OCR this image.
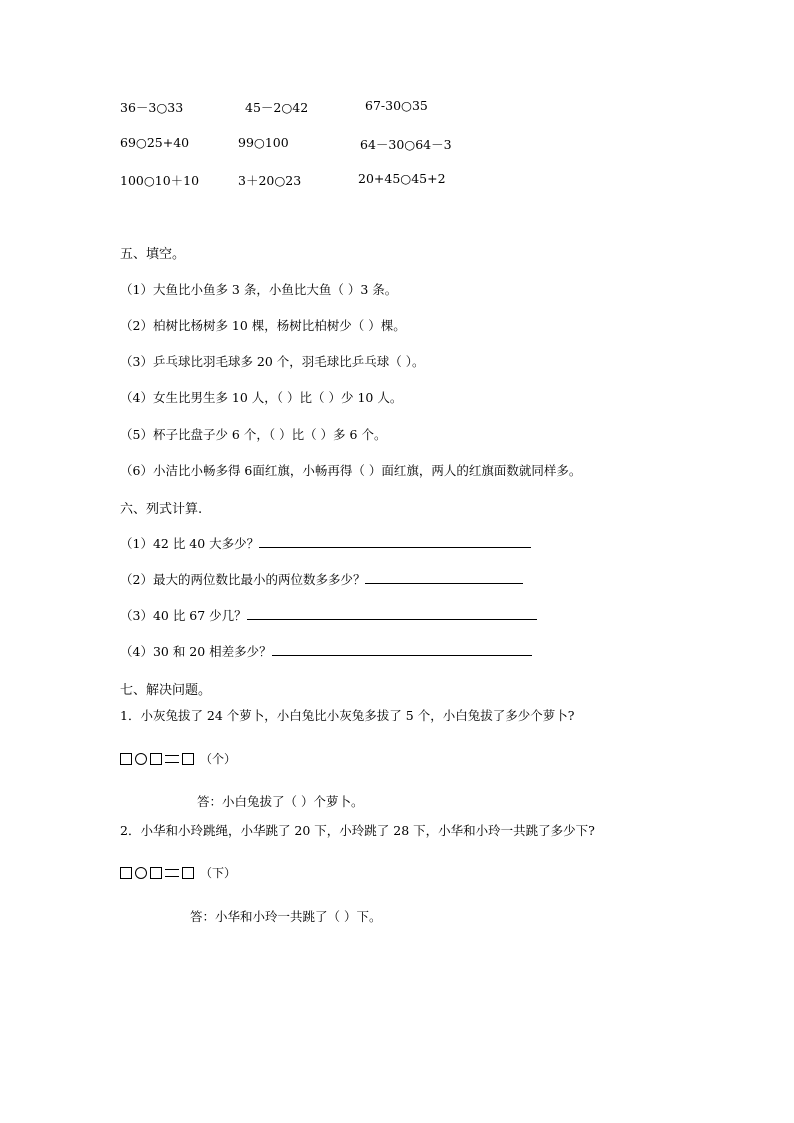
36－3○33	45－2○42	67-30○35
69○25+40	99○100	64－30○64－3
100○10＋10	3＋20○23	20+45○45+2
五、填空。
（1）大鱼比小鱼多 3 条，小鱼比大鱼（ ）3 条。
（2）柏树比杨树多 10 棵，杨树比柏树少（ ）棵。
（3）乒乓球比羽毛球多 20 个，羽毛球比乒乓球（ ）。
（4）女生比男生多 10 人，（ ）比（ ）少 10 人。
（5）杯子比盘子少 6 个，（ ）比（ ）多 6 个。
（6）小洁比小畅多得 6面红旗，小畅再得（ ）面红旗，两人的红旗面数就同样多。
六、列式计算.
（1）42 比 40 大多少？
（2）最大的两位数比最小的两位数多多少？
（3）40 比 67 少几？
（4）30 和 20 相差多少？
七、解决问题。
1．小灰兔拔了 24 个萝卜，小白兔比小灰兔多拔了 5 个，小白兔拔了多少个萝卜?
（个）
答：小白兔拔了（ ）个萝卜。
2．小华和小玲跳绳，小华跳了 20 下，小玲跳了 28 下，小华和小玲一共跳了多少下?
（下）
答：小华和小玲一共跳了（ ）下。
